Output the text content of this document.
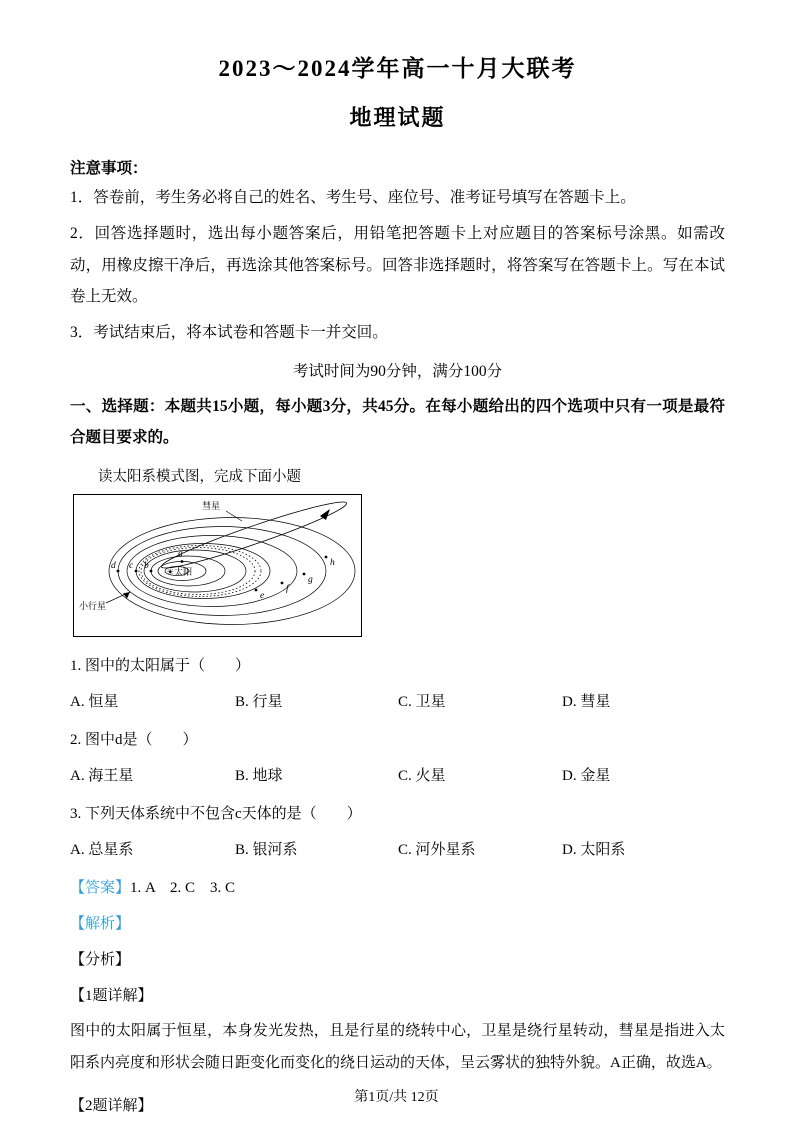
2023～2024学年高一十月大联考
地理试题
注意事项：
1．答卷前，考生务必将自己的姓名、考生号、座位号、准考证号填写在答题卡上。
2．回答选择题时，选出每小题答案后，用铅笔把答题卡上对应题目的答案标号涂黑。如需改动，用橡皮擦干净后，再选涂其他答案标号。回答非选择题时，将答案写在答题卡上。写在本试卷上无效。
3．考试结束后，将本试卷和答题卡一并交回。
考试时间为90分钟，满分100分
一、选择题：本题共15小题，每小题3分，共45分。在每小题给出的四个选项中只有一项是最符合题目要求的。
读太阳系模式图，完成下面小题
彗星
☀太阳
d c b
a
e
f
g
h
小行星
1. 图中的太阳属于（　　）
A. 恒星	B. 行星	C. 卫星	D. 彗星
2. 图中d是（　　）
A. 海王星	B. 地球	C. 火星	D. 金星
3. 下列天体系统中不包含c天体的是（　　）
A. 总星系	B. 银河系	C. 河外星系	D. 太阳系
【答案】1. A    2. C    3. C
【解析】
【分析】
【1题详解】
图中的太阳属于恒星，本身发光发热，且是行星的绕转中心，卫星是绕行星转动，彗星是指进入太阳系内亮度和形状会随日距变化而变化的绕日运动的天体，呈云雾状的独特外貌。A正确，故选A。
【2题详解】
第1页/共 12页
